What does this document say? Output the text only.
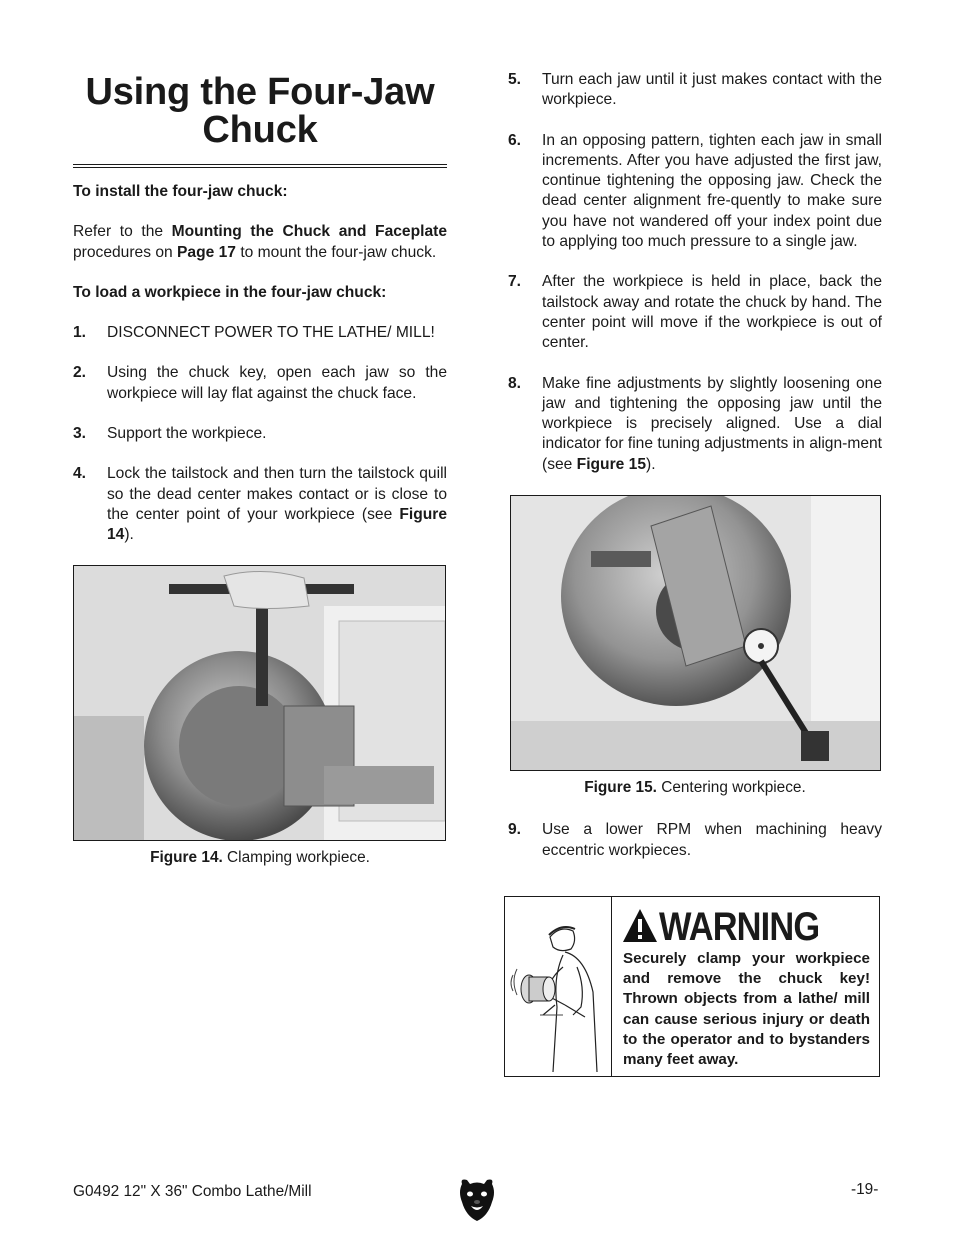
Using the Four-Jaw
Chuck
To install the four-jaw chuck:
Refer to the Mounting the Chuck and Faceplate procedures on Page 17 to mount the four-jaw chuck.
To load a workpiece in the four-jaw chuck:
1. DISCONNECT POWER TO THE LATHE/ MILL!
2. Using the chuck key, open each jaw so the workpiece will lay flat against the chuck face.
3. Support the workpiece.
4. Lock the tailstock and then turn the tailstock quill so the dead center makes contact or is close to the center point of your workpiece (see Figure 14).
Figure 14. Clamping workpiece.
5. Turn each jaw until it just makes contact with the workpiece.
6. In an opposing pattern, tighten each jaw in small increments. After you have adjusted the first jaw, continue tightening the opposing jaw. Check the dead center alignment fre-quently to make sure you have not wandered off your index point due to applying too much pressure to a single jaw.
7. After the workpiece is held in place, back the tailstock away and rotate the chuck by hand. The center point will move if the workpiece is out of center.
8. Make fine adjustments by slightly loosening one jaw and tightening the opposing jaw until the workpiece is precisely aligned. Use a dial indicator for fine tuning adjustments in align-ment (see Figure 15).
Figure 15. Centering workpiece.
9. Use a lower RPM when machining heavy eccentric workpieces.
WARNING
Securely clamp your workpiece and remove the chuck key! Thrown objects from a lathe/ mill can cause serious injury or death to the operator and to bystanders many feet away.
G0492 12" X 36" Combo Lathe/Mill	-19-
